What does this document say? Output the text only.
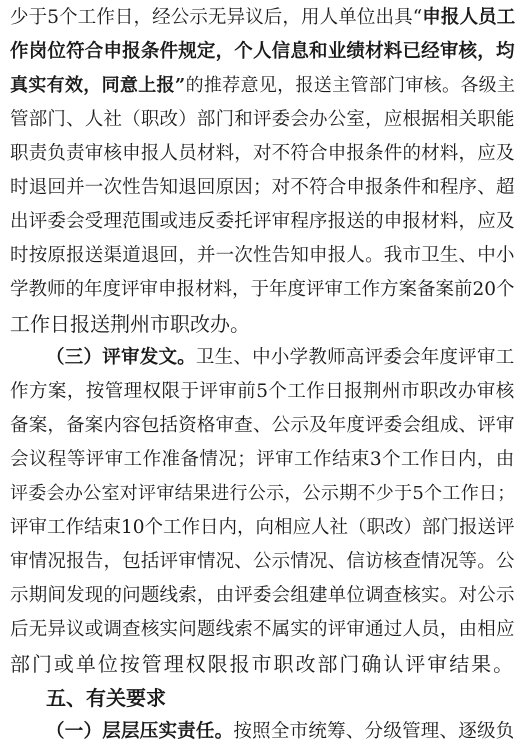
少于5个工作日，经公示无异议后，用人单位出具“申报人员工
作岗位符合申报条件规定，个人信息和业绩材料已经审核，均
真实有效，同意上报”的推荐意见，报送主管部门审核。各级主
管部门、人社（职改）部门和评委会办公室，应根据相关职能
职责负责审核申报人员材料，对不符合申报条件的材料，应及
时退回并一次性告知退回原因；对不符合申报条件和程序、超
出评委会受理范围或违反委托评审程序报送的申报材料，应及
时按原报送渠道退回，并一次性告知申报人。我市卫生、中小
学教师的年度评审申报材料，于年度评审工作方案备案前20个
工作日报送荆州市职改办。
（三）评审发文。卫生、中小学教师高评委会年度评审工
作方案，按管理权限于评审前5个工作日报荆州市职改办审核
备案，备案内容包括资格审查、公示及年度评委会组成、评审
会议程等评审工作准备情况；评审工作结束3个工作日内，由
评委会办公室对评审结果进行公示，公示期不少于5个工作日；
评审工作结束10个工作日内，向相应人社（职改）部门报送评
审情况报告，包括评审情况、公示情况、信访核查情况等。公
示期间发现的问题线索，由评委会组建单位调查核实。对公示
后无异议或调查核实问题线索不属实的评审通过人员，由相应
部门或单位按管理权限报市职改部门确认评审结果。
五、有关要求
（一）层层压实责任。按照全市统筹、分级管理、逐级负
